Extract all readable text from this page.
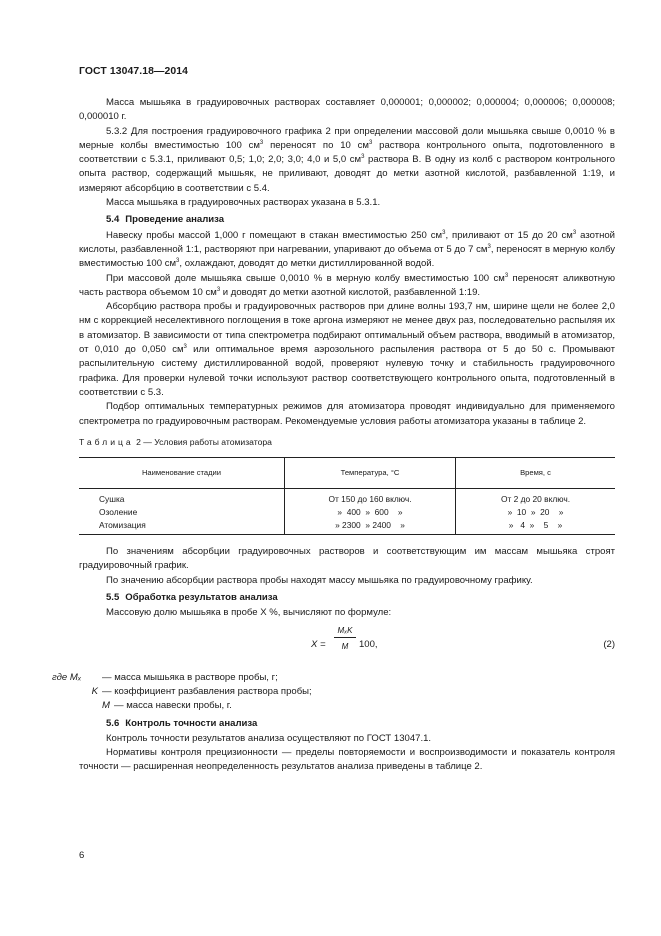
ГОСТ 13047.18—2014

Масса мышьяка в градуировочных растворах составляет 0,000001; 0,000002; 0,000004; 0,000006; 0,000008; 0,000010 г.

5.3.2 Для построения градуировочного графика 2 при определении массовой доли мышьяка свыше 0,0010 % в мерные колбы вместимостью 100 $см^3$ переносят по 10 $см^3$ раствора контрольного опыта, подготовленного в соответствии с 5.3.1, приливают 0,5; 1,0; 2,0; 3,0; 4,0 и 5,0 $см^3$ раствора В. В одну из колб с раствором контрольного опыта раствор, содержащий мышьяк, не приливают, доводят до метки азотной кислотой, разбавленной 1:19, и измеряют абсорбцию в соответствии с 5.4.

Масса мышьяка в градуировочных растворах указана в 5.3.1.

5.4 Проведение анализа

Навеску пробы массой 1,000 г помещают в стакан вместимостью 250 $см^3$, приливают от 15 до 20 $см^3$ азотной кислоты, разбавленной 1:1, растворяют при нагревании, упаривают до объема от 5 до 7 $см^3$, переносят в мерную колбу вместимостью 100 $см^3$, охлаждают, доводят до метки дистиллированной водой.

При массовой доле мышьяка свыше 0,0010 % в мерную колбу вместимостью 100 $см^3$ переносят аликвотную часть раствора объемом 10 $см^3$ и доводят до метки азотной кислотой, разбавленной 1:19.

Абсорбцию раствора пробы и градуировочных растворов при длине волны 193,7 нм, ширине щели не более 2,0 нм с коррекцией неселективного поглощения в токе аргона измеряют не менее двух раз, последовательно распыляя их в атомизатор. В зависимости от типа спектрометра подбирают оптимальный объем раствора, вводимый в атомизатор, от 0,010 до 0,050 $см^3$ или оптимальное время аэрозольного распыления раствора от 5 до 50 с. Промывают распылительную систему дистиллированной водой, проверяют нулевую точку и стабильность градуировочного графика. Для проверки нулевой точки используют раствор соответствующего контрольного опыта, подготовленный в соответствии с 5.3.

Подбор оптимальных температурных режимов для атомизатора проводят индивидуально для применяемого спектрометра по градуировочным растворам. Рекомендуемые условия работы атомизатора указаны в таблице 2.

Таблица 2 — Условия работы атомизатора

Наименование стадии	Температура, °С	Время, с
Сушка	От 150 до 160 включ.	От 2 до 20 включ.
Озоление	»  400  »  600    »	»  10  »  20    »
Атомизация	» 2300  » 2400    »	»   4  »    5    »

По значениям абсорбции градуировочных растворов и соответствующим им массам мышьяка строят градуировочный график.

По значению абсорбции раствора пробы находят массу мышьяка по градуировочному графику.

5.5 Обработка результатов анализа

Массовую долю мышьяка в пробе X %, вычисляют по формуле:

X =
MₓK
M	100,	(2)
где Mₓ	— масса мышьяка в растворе пробы, г;
K — коэффициент разбавления раствора пробы;
M — масса навески пробы, г.
5.6 Контроль точности анализа

Контроль точности результатов анализа осуществляют по ГОСТ 13047.1.

Нормативы контроля прецизионности — пределы повторяемости и воспроизводимости и показатель контроля точности — расширенная неопределенность результатов анализа приведены в таблице 2.

6
